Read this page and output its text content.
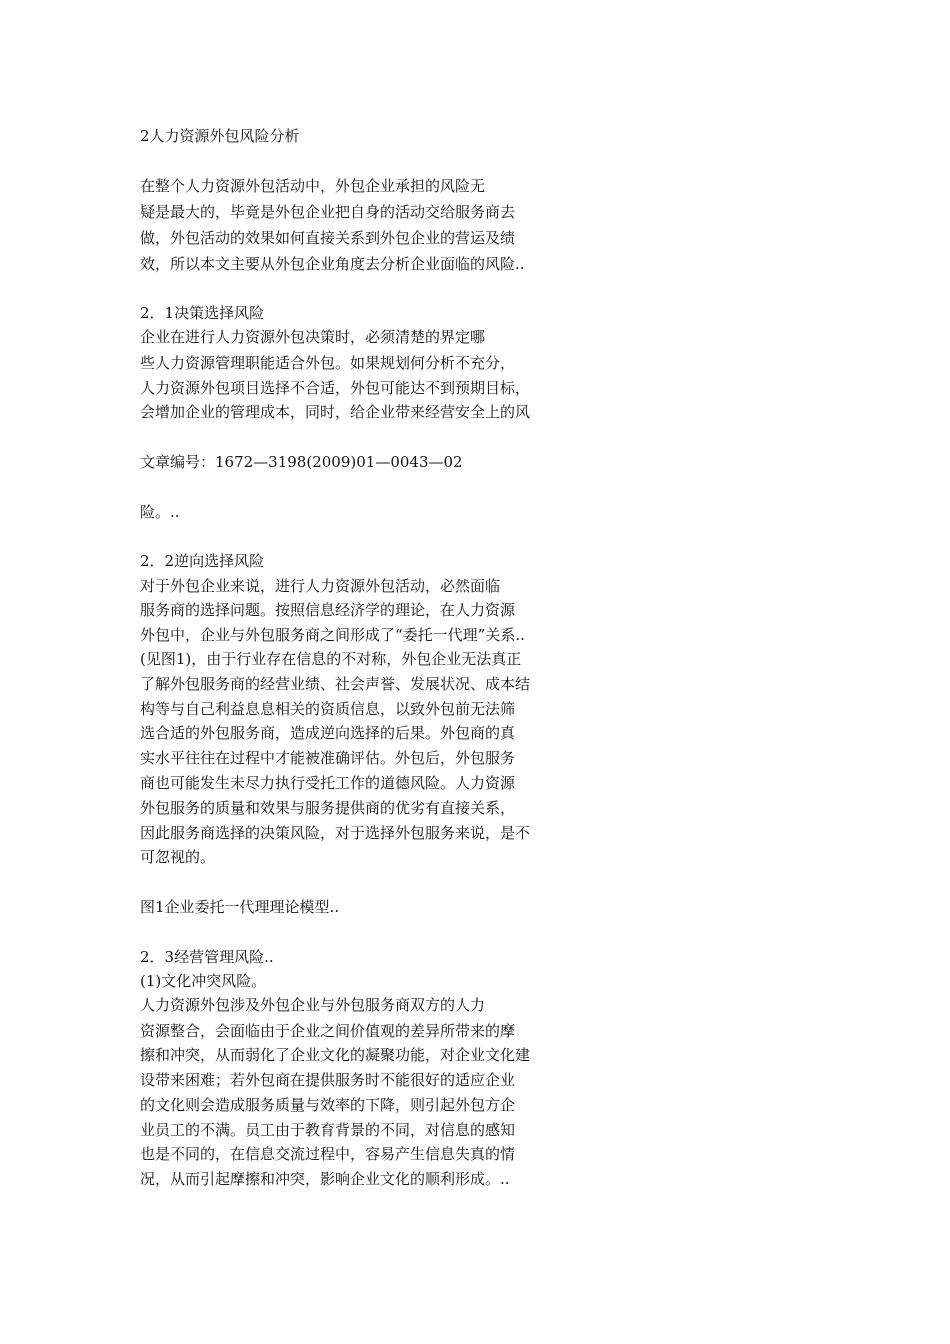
2人力资源外包风险分析
在整个人力资源外包活动中，外包企业承担的风险无
疑是最大的，毕竟是外包企业把自身的活动交给服务商去
做，外包活动的效果如何直接关系到外包企业的营运及绩
效，所以本文主要从外包企业角度去分析企业面临的风险..
2．1决策选择风险
企业在进行人力资源外包决策时，必须清楚的界定哪
些人力资源管理职能适合外包。如果规划何分析不充分，
人力资源外包项目选择不合适，外包可能达不到预期目标，
会增加企业的管理成本，同时，给企业带来经营安全上的风
文章编号：1672—3198(2009)01—0043—02
险。..
2．2逆向选择风险
对于外包企业来说，进行人力资源外包活动，必然面临
服务商的选择问题。按照信息经济学的理论，在人力资源
外包中，企业与外包服务商之间形成了“委托一代理”关系..
(见图1)，由于行业存在信息的不对称，外包企业无法真正
了解外包服务商的经营业绩、社会声誉、发展状况、成本结
构等与自己利益息息相关的资质信息，以致外包前无法筛
选合适的外包服务商，造成逆向选择的后果。外包商的真
实水平往往在过程中才能被准确评估。外包后，外包服务
商也可能发生未尽力执行受托工作的道德风险。人力资源
外包服务的质量和效果与服务提供商的优劣有直接关系，
因此服务商选择的决策风险，对于选择外包服务来说，是不
可忽视的。
图1企业委托一代理理论模型..
2．3经营管理风险..
(1)文化冲突风险。
人力资源外包涉及外包企业与外包服务商双方的人力
资源整合，会面临由于企业之间价值观的差异所带来的摩
擦和冲突，从而弱化了企业文化的凝聚功能，对企业文化建
设带来困难；若外包商在提供服务时不能很好的适应企业
的文化则会造成服务质量与效率的下降，则引起外包方企
业员工的不满。员工由于教育背景的不同，对信息的感知
也是不同的，在信息交流过程中，容易产生信息失真的情
况，从而引起摩擦和冲突，影响企业文化的顺利形成。..
